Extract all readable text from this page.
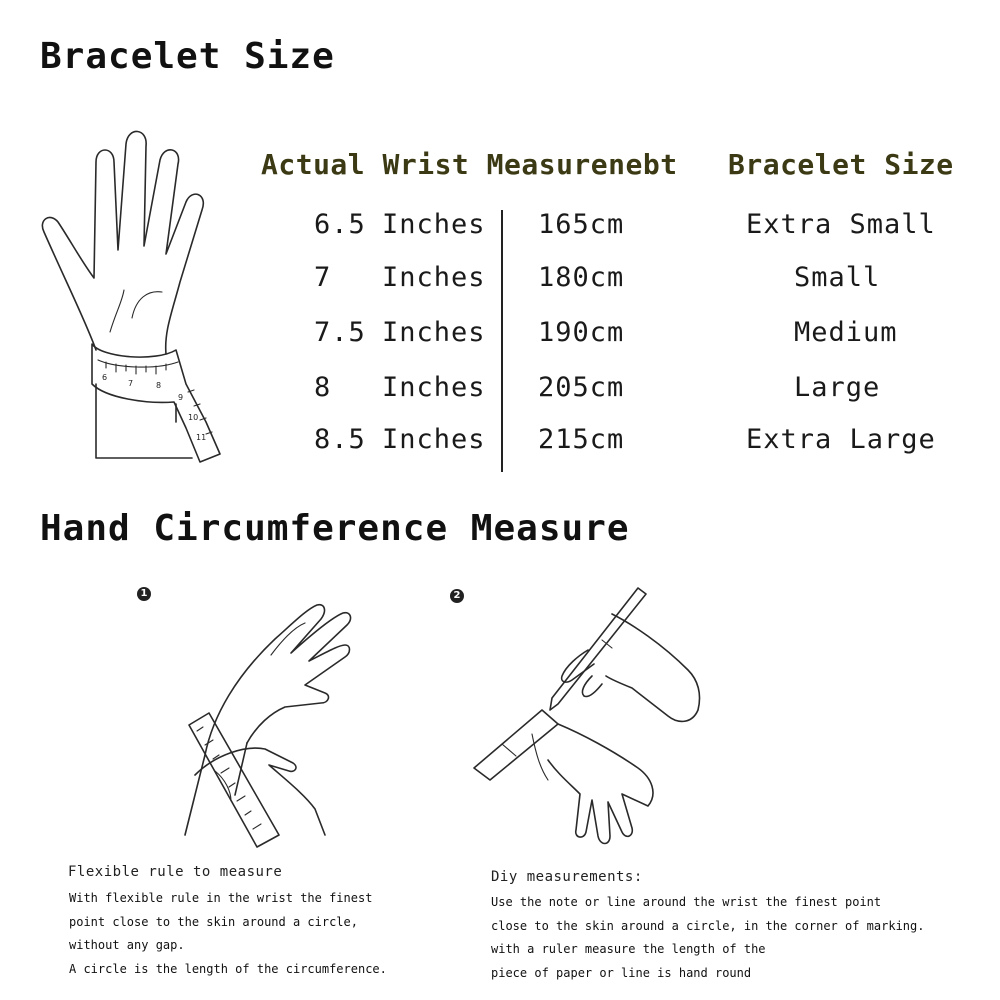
Bracelet Size
6
7	8
9
10
11
Actual Wrist Measurenebt Bracelet Size
6.5 Inches 165cm	Extra Small
7 Inches 180cm	Small
7.5 Inches 190cm	Medium
8 Inches 205cm	Large
8.5 Inches 215cm	Extra Large
Hand Circumference Measure
1
Flexible rule to measure
With flexible rule in the wrist the finest
point close to the skin around a circle,
without any gap.
A circle is the length of the circumference.
2
Diy measurements:
Use the note or line around the wrist the finest point
close to the skin around a circle, in the corner of marking.
with a ruler measure the length of the
piece of paper or line is hand round
